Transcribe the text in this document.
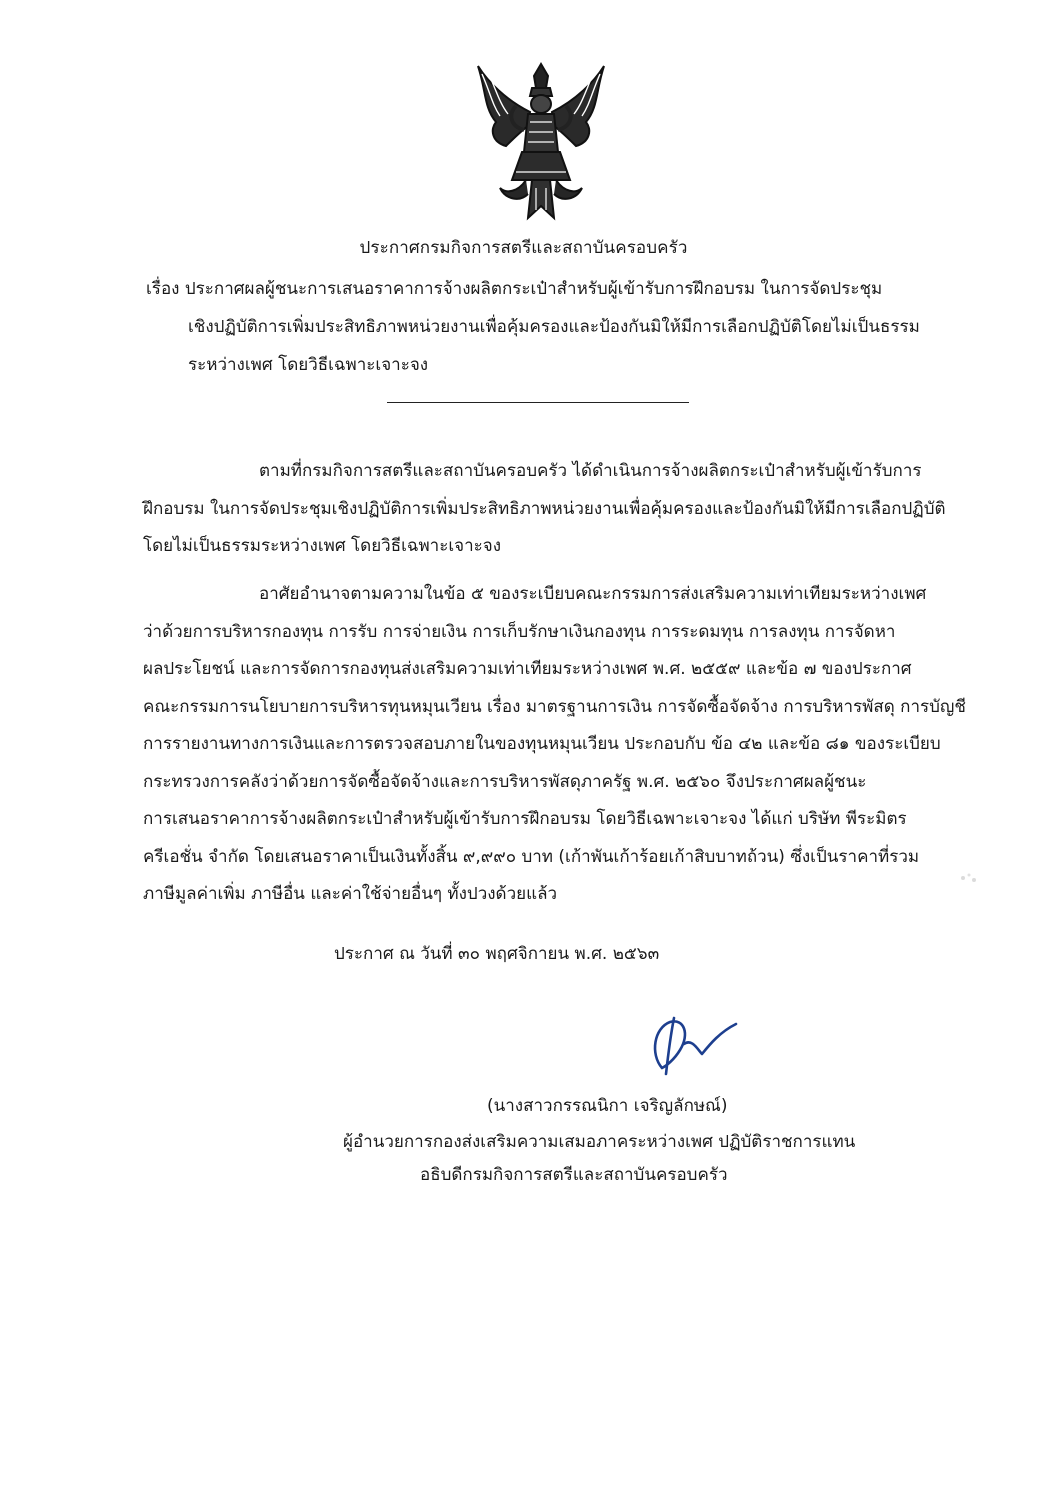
ประกาศกรมกิจการสตรีและสถาบันครอบครัว
เรื่อง ประกาศผลผู้ชนะการเสนอราคาการจ้างผลิตกระเป๋าสำหรับผู้เข้ารับการฝึกอบรม ในการจัดประชุม
เชิงปฏิบัติการเพิ่มประสิทธิภาพหน่วยงานเพื่อคุ้มครองและป้องกันมิให้มีการเลือกปฏิบัติโดยไม่เป็นธรรม
ระหว่างเพศ โดยวิธีเฉพาะเจาะจง
ตามที่กรมกิจการสตรีและสถาบันครอบครัว ได้ดำเนินการจ้างผลิตกระเป๋าสำหรับผู้เข้ารับการ
ฝึกอบรม ในการจัดประชุมเชิงปฏิบัติการเพิ่มประสิทธิภาพหน่วยงานเพื่อคุ้มครองและป้องกันมิให้มีการเลือกปฏิบัติ
โดยไม่เป็นธรรมระหว่างเพศ โดยวิธีเฉพาะเจาะจง
อาศัยอำนาจตามความในข้อ ๕ ของระเบียบคณะกรรมการส่งเสริมความเท่าเทียมระหว่างเพศ
ว่าด้วยการบริหารกองทุน การรับ การจ่ายเงิน การเก็บรักษาเงินกองทุน การระดมทุน การลงทุน การจัดหา
ผลประโยชน์ และการจัดการกองทุนส่งเสริมความเท่าเทียมระหว่างเพศ พ.ศ. ๒๕๕๙ และข้อ ๗ ของประกาศ
คณะกรรมการนโยบายการบริหารทุนหมุนเวียน เรื่อง มาตรฐานการเงิน การจัดซื้อจัดจ้าง การบริหารพัสดุ การบัญชี
การรายงานทางการเงินและการตรวจสอบภายในของทุนหมุนเวียน ประกอบกับ ข้อ ๔๒ และข้อ ๘๑ ของระเบียบ
กระทรวงการคลังว่าด้วยการจัดซื้อจัดจ้างและการบริหารพัสดุภาครัฐ พ.ศ. ๒๕๖๐ จึงประกาศผลผู้ชนะ
การเสนอราคาการจ้างผลิตกระเป๋าสำหรับผู้เข้ารับการฝึกอบรม โดยวิธีเฉพาะเจาะจง ได้แก่ บริษัท พีระมิตร
ครีเอชั่น จำกัด โดยเสนอราคาเป็นเงินทั้งสิ้น ๙,๙๙๐ บาท (เก้าพันเก้าร้อยเก้าสิบบาทถ้วน) ซึ่งเป็นราคาที่รวม
ภาษีมูลค่าเพิ่ม ภาษีอื่น และค่าใช้จ่ายอื่นๆ ทั้งปวงด้วยแล้ว
ประกาศ ณ วันที่ ๓๐ พฤศจิกายน พ.ศ. ๒๕๖๓
(นางสาวกรรณนิกา เจริญลักษณ์)
ผู้อำนวยการกองส่งเสริมความเสมอภาคระหว่างเพศ ปฏิบัติราชการแทน
อธิบดีกรมกิจการสตรีและสถาบันครอบครัว
